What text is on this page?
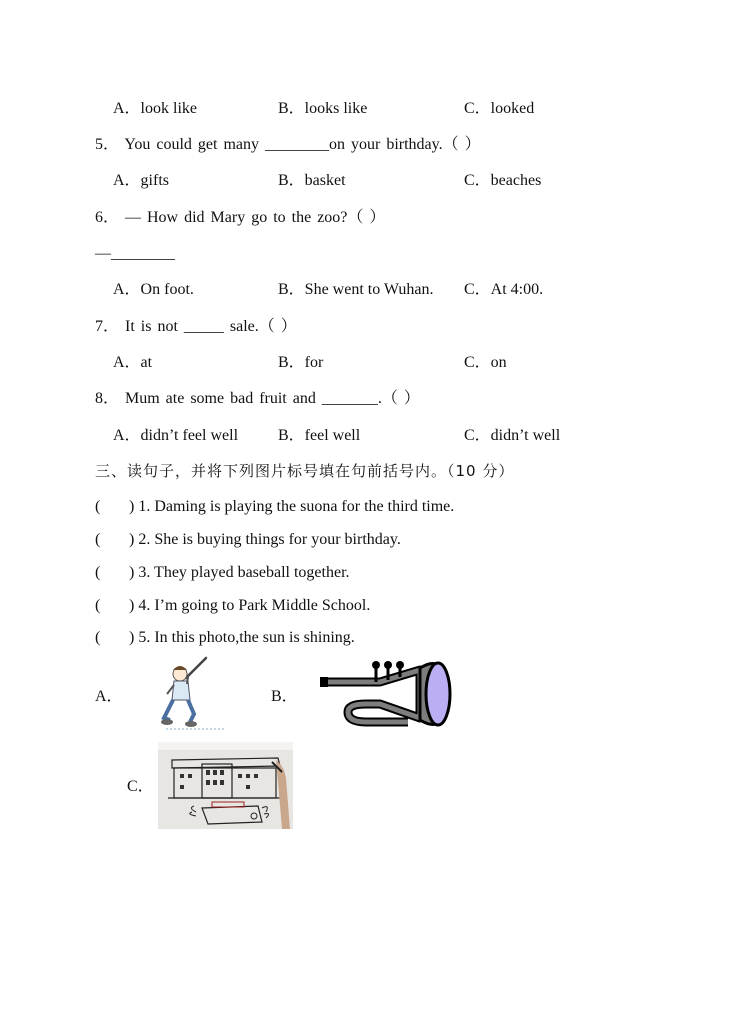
A．look like	B．looks like	C．looked
5． You could get many ________on your birthday.（ ）
A．gifts	B．basket	C．beaches
6． — How did Mary go to the zoo?（ ）
—________
A．On foot.	B．She went to Wuhan. C．At 4:00.
7． It is not _____ sale.（ ）
A．at	B．for	C．on
8． Mum ate some bad fruit and _______.（ ）
A．didn’t feel well B．feel well	C．didn’t well
三、读句子，并将下列图片标号填在句前括号内。（10 分）
( ) 1. Daming is playing the suona for the third time.
( ) 2. She is buying things for your birthday.
( ) 3. They played baseball together.
( ) 4. I’m going to Park Middle School.
( ) 5. In this photo,the sun is shining.
A．	B．
C．
